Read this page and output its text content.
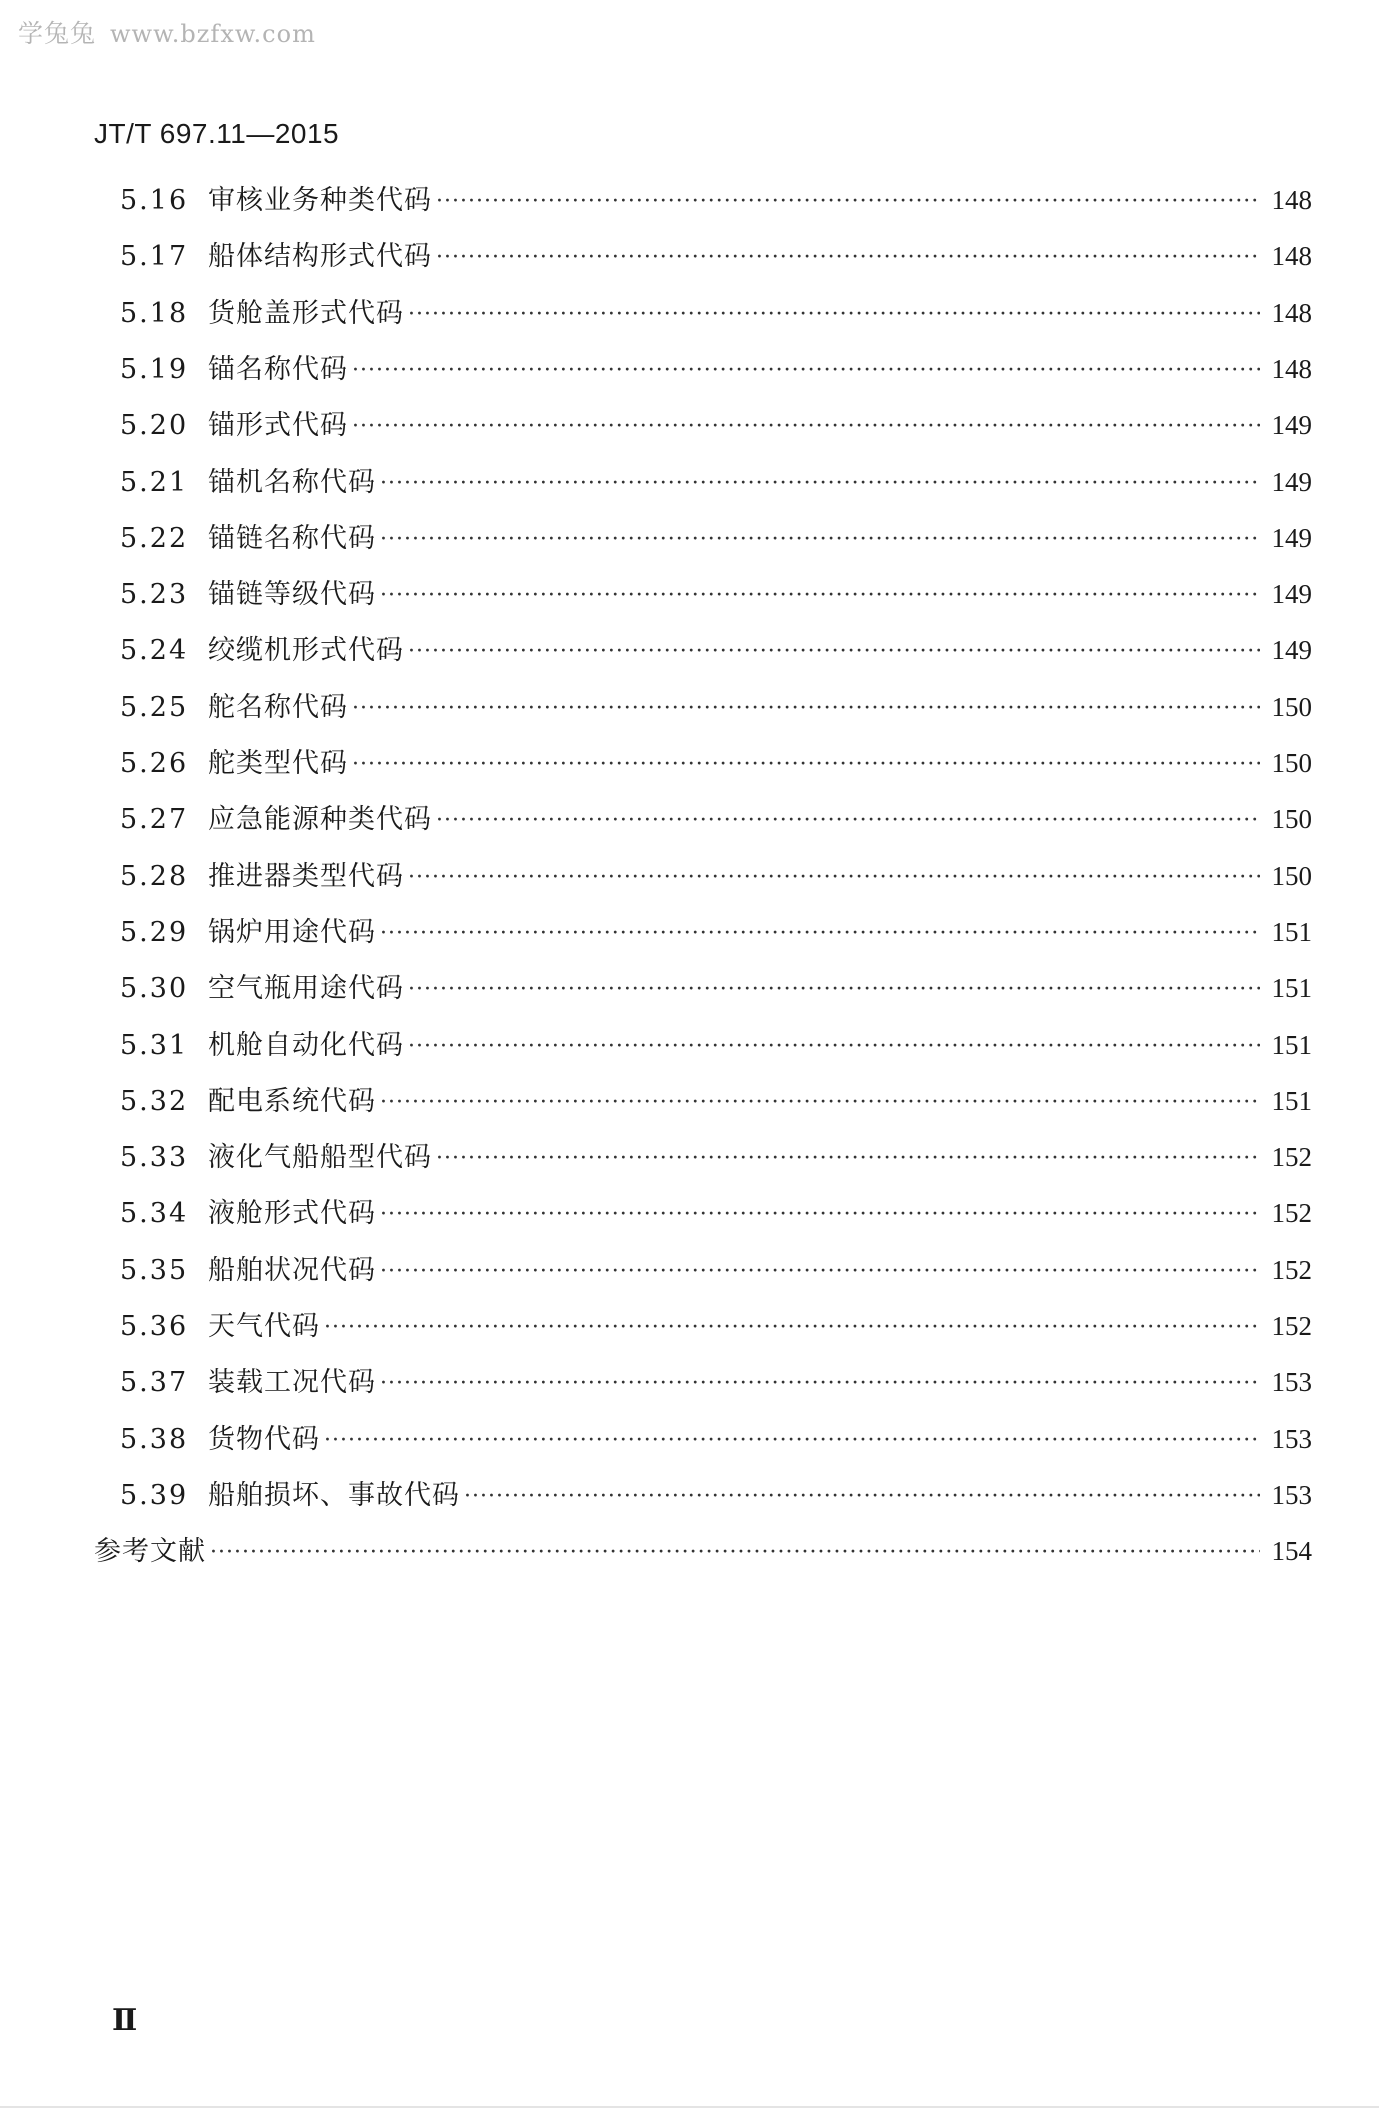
学兔兔 www.bzfxw.com
JT/T 697.11—2015
5.16 审核业务种类代码 ·····	148
5.17 船体结构形式代码 ·····	148
5.18 货舱盖形式代码 ·····	148
5.19 锚名称代码 ·····	148
5.20 锚形式代码 ·····	149
5.21 锚机名称代码 ·····	149
5.22 锚链名称代码 ·····	149
5.23 锚链等级代码 ·····	149
5.24 绞缆机形式代码 ·····	149
5.25 舵名称代码 ·····	150
5.26 舵类型代码 ·····	150
5.27 应急能源种类代码 ·····	150
5.28 推进器类型代码 ·····	150
5.29 锅炉用途代码 ·····	151
5.30 空气瓶用途代码 ·····	151
5.31 机舱自动化代码 ·····	151
5.32 配电系统代码 ·····	151
5.33 液化气船船型代码 ·····	152
5.34 液舱形式代码 ·····	152
5.35 船舶状况代码 ·····	152
5.36 天气代码 ·····	152
5.37 装载工况代码 ·····	153
5.38 货物代码 ·····	153
5.39 船舶损坏、事故代码 ·····	153
参考文献 ·····	154
Ⅱ
